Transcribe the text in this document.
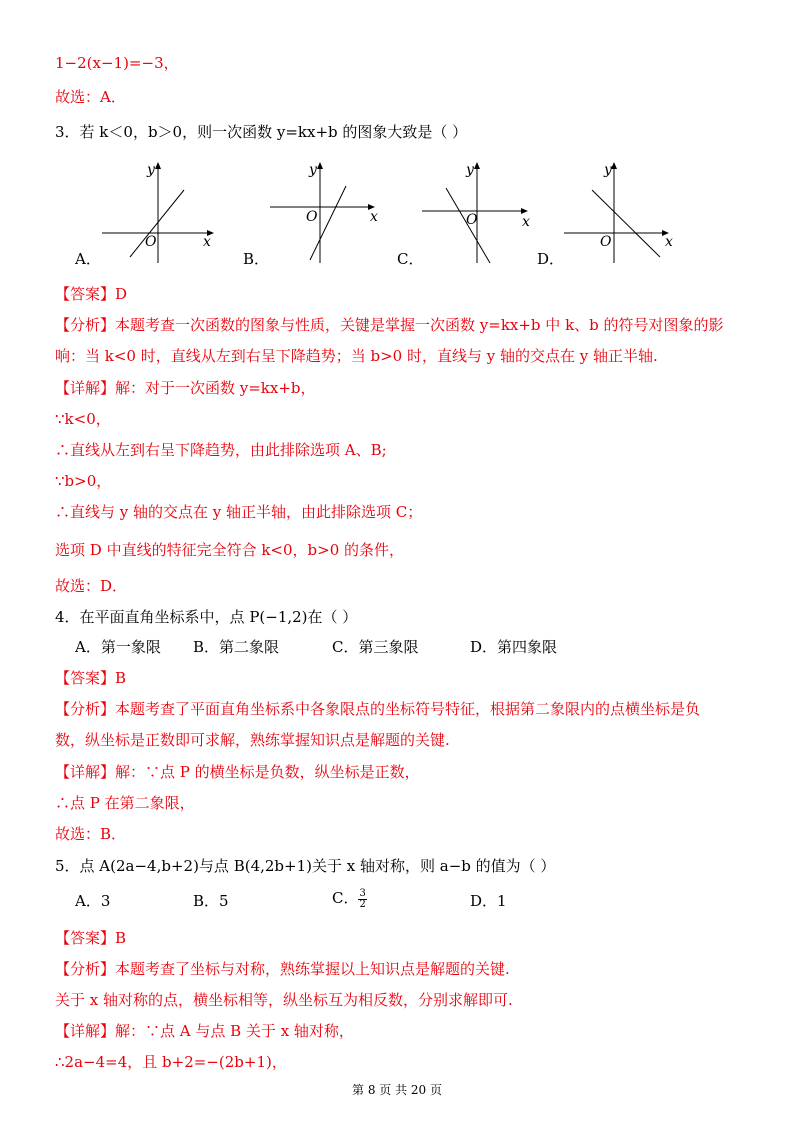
1−2(x−1)=−3，
故选：A．
3．若 k＜0，b＞0，则一次函数 y=kx+b 的图象大致是（ ）
A．	B．	C．	D．
y
x
O
y
x
O
y
x
O
y
x
O
【答案】D
【分析】本题考查一次函数的图象与性质，关键是掌握一次函数 y=kx+b 中 k、b 的符号对图象的影
响：当 k<0 时，直线从左到右呈下降趋势；当 b>0 时，直线与 y 轴的交点在 y 轴正半轴.
【详解】解：对于一次函数 y=kx+b，
∵k<0，
∴直线从左到右呈下降趋势，由此排除选项 A、B;
∵b>0，
∴直线与 y 轴的交点在 y 轴正半轴，由此排除选项 C；
选项 D 中直线的特征完全符合 k<0，b>0 的条件，
故选：D．
4．在平面直角坐标系中，点 P(−1,2)在（ ）
A．第一象限 B．第二象限	C．第三象限	D．第四象限
【答案】B
【分析】本题考查了平面直角坐标系中各象限点的坐标符号特征，根据第二象限内的点横坐标是负
数，纵坐标是正数即可求解，熟练掌握知识点是解题的关键.
【详解】解：∵点 P 的横坐标是负数，纵坐标是正数，
∴点 P 在第二象限，
故选：B．
5．点 A(2a−4,b+2)与点 B(4,2b+1)关于 x 轴对称，则 a−b 的值为（ ）
A．3	B．5	C． $\frac{3}{2}$	D．1
【答案】B
【分析】本题考查了坐标与对称，熟练掌握以上知识点是解题的关键.
关于 x 轴对称的点，横坐标相等，纵坐标互为相反数，分别求解即可.
【详解】解：∵点 A 与点 B 关于 x 轴对称，
∴2a−4=4，且 b+2=−(2b+1)，
第 8 页 共 20 页
